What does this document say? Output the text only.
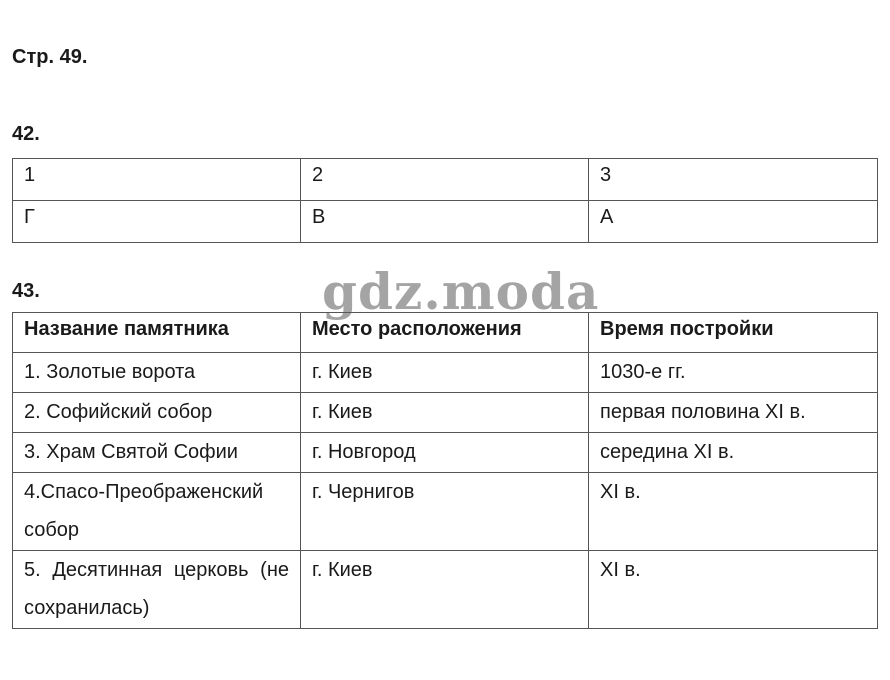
Стр. 49.
42.
1	2	3
Г	В	А
43.
Название памятника	Место расположения	Время постройки
1. Золотые ворота	г. Киев	1030-е гг.
2. Софийский собор	г. Киев	первая половина XI в.
3. Храм Святой Софии	г. Новгород	середина XI в.
4.Спасо-Преображенский собор	г. Чернигов	XI в.
5. Десятинная церковь (не сохранилась)	г. Киев	XI в.
gdz.moda
